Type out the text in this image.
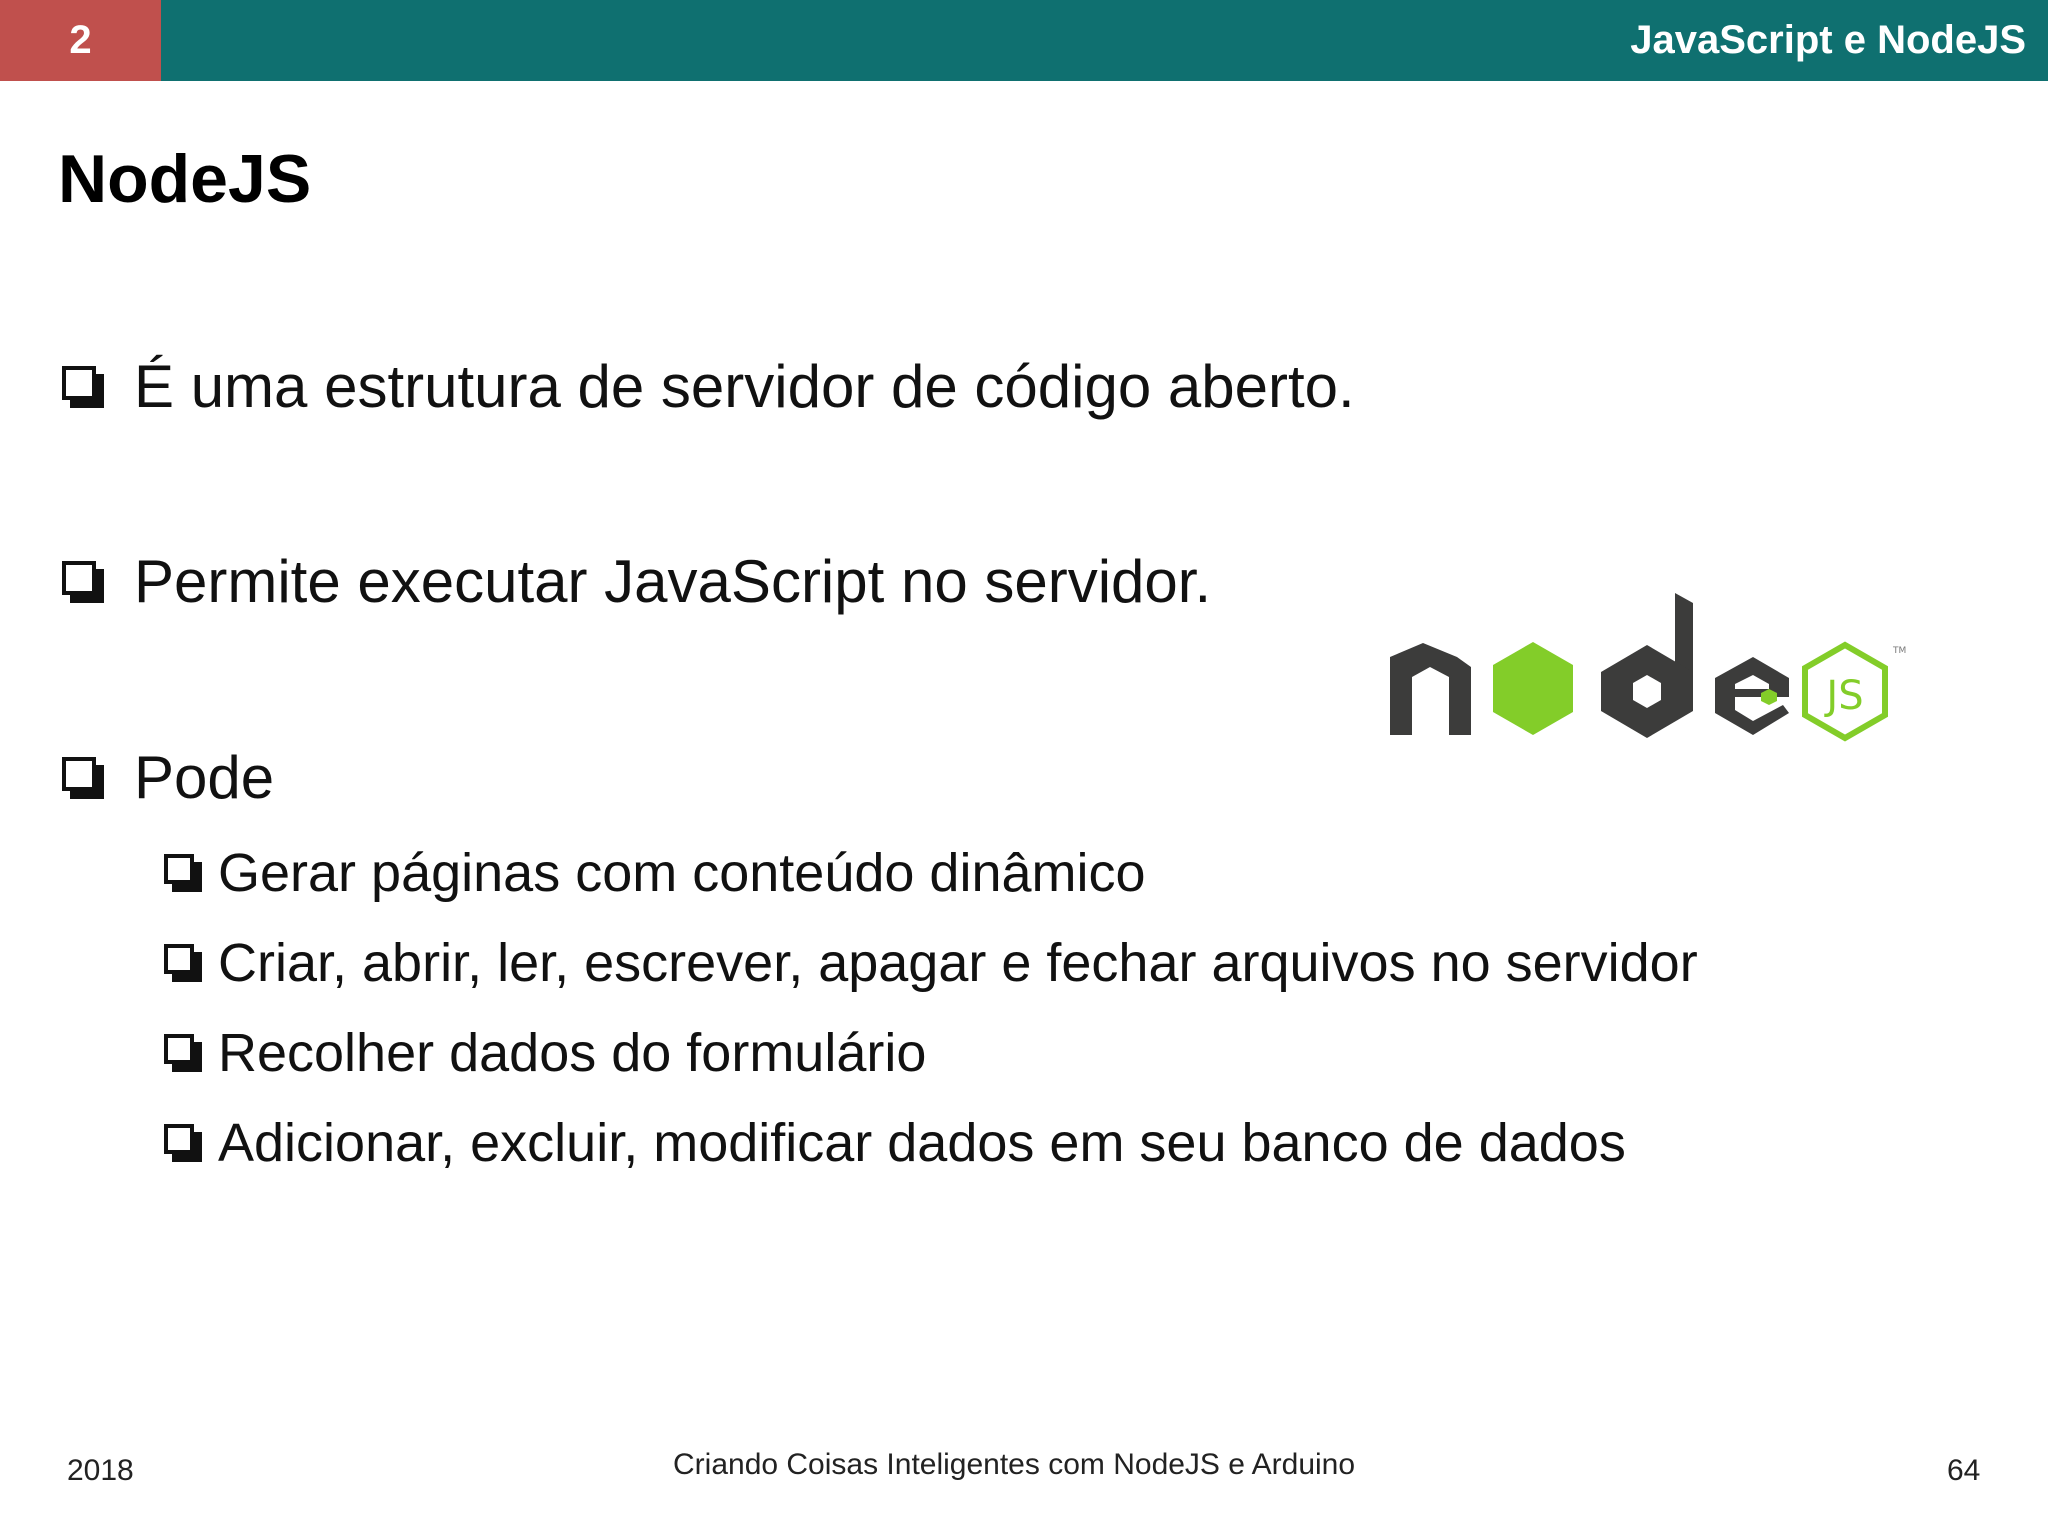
2	JavaScript e NodeJS
NodeJS
É uma estrutura de servidor de código aberto.
Permite executar JavaScript no servidor.
Pode
Gerar páginas com conteúdo dinâmico
Criar, abrir, ler, escrever, apagar e fechar arquivos no servidor
Recolher dados do formulário
Adicionar, excluir, modificar dados em seu banco de dados
JS
TM
2018	Criando Coisas Inteligentes com NodeJS e Arduino	64
